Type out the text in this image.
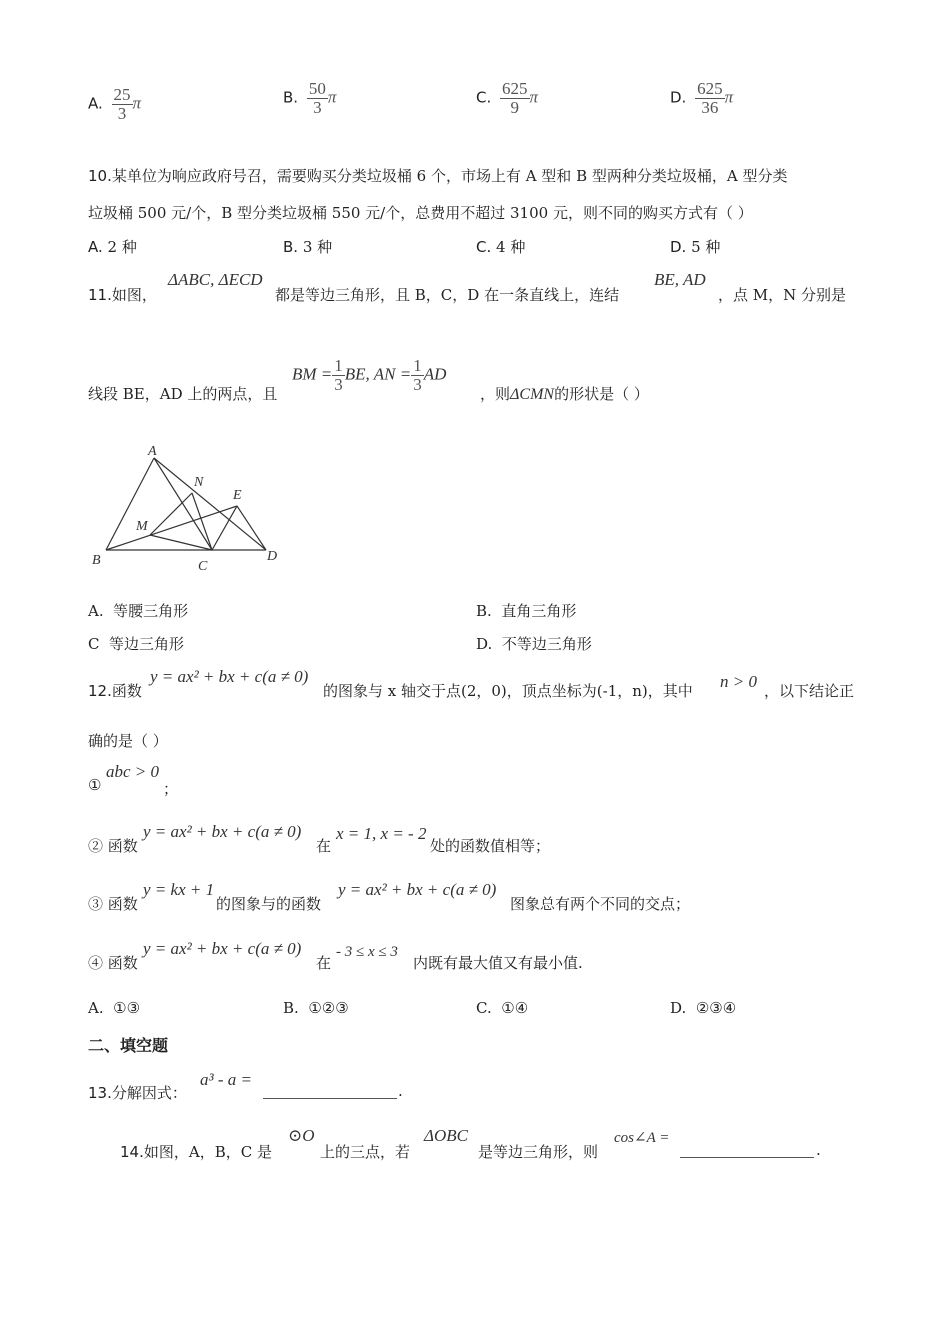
A. $\frac{25}{3}$ π	B. $\frac{50}{3}$ π	C. $\frac{625}{9}$ π	D. $\frac{625}{36}$ π
10.某单位为响应政府号召，需要购买分类垃圾桶 6 个，市场上有 A 型和 B 型两种分类垃圾桶，A 型分类
垃圾桶 500 元/个，B 型分类垃圾桶 550 元/个，总费用不超过 3100 元，则不同的购买方式有（ ）
A. 2 种	B. 3 种	C. 4 种	D. 5 种
11.如图，
ΔABC, ΔECD
都是等边三角形，且 B，C，D 在一条直线上，连结
BE, AD
，点 M，N 分别是
线段 BE，AD 上的两点，且
BM = $\frac{1}{3}$ BE, AN = $\frac{1}{3}$ AD
，则ΔCMN的形状是（ ）
A
N
E
M
B	C
D
A. 等腰三角形	B. 直角三角形
C 等边三角形	D. 不等边三角形
12.函数
y = ax² + bx + c(a ≠ 0)
的图象与 x 轴交于点(2，0)，顶点坐标为(-1，n)，其中 n > 0 ，以下结论正
确的是（ ）
①
abc > 0
；
② 函数
y = ax² + bx + c(a ≠ 0)
在
x = 1, x = - 2
处的函数值相等；
③ 函数
y = kx + 1
的图象与的函数
y = ax² + bx + c(a ≠ 0)
图象总有两个不同的交点；
④ 函数
y = ax² + bx + c(a ≠ 0)
在
- 3 ≤ x ≤ 3
内既有最大值又有最小值.
A. ①③	B. ①②③	C. ①④	D. ②③④
二、填空题
13.分解因式：
a³ - a =
.
14.如图，A，B，C 是
⊙O
上的三点，若
ΔOBC
是等边三角形，则
cos∠A =
.
